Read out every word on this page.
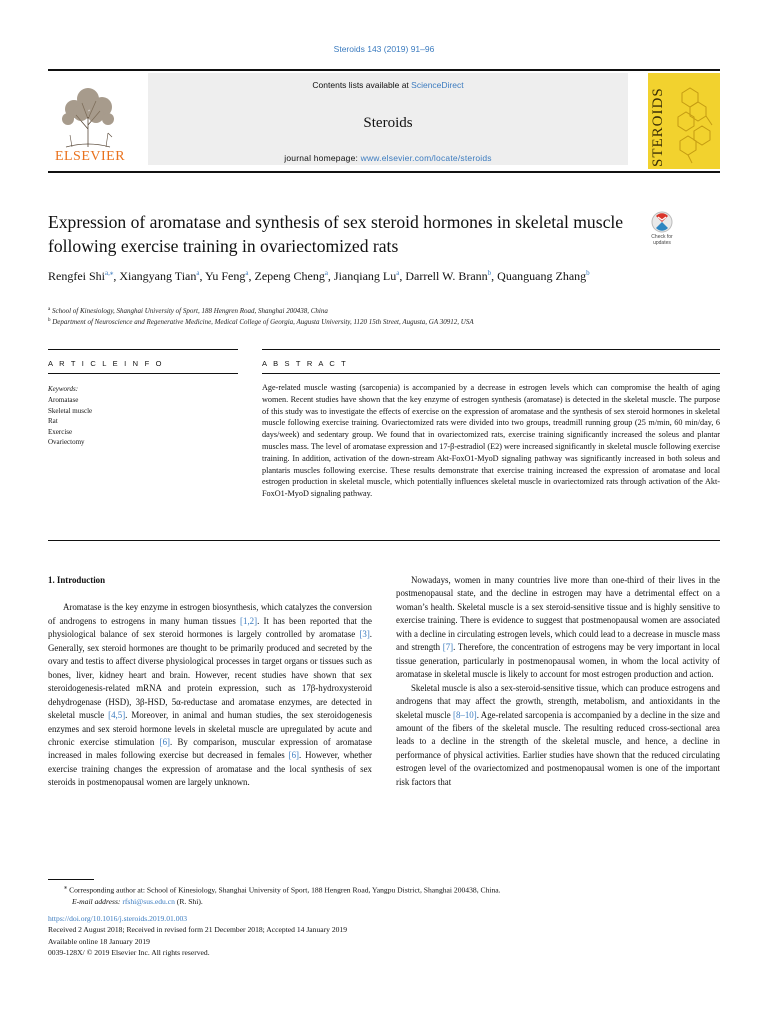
Steroids 143 (2019) 91–96
ELSEVIER
Contents lists available at ScienceDirect
Steroids
journal homepage: www.elsevier.com/locate/steroids	STEROIDS
Expression of aromatase and synthesis of sex steroid hormones in skeletal muscle following exercise training in ovariectomized rats	Check for updates
Rengfei Shi$^{a,⁎}$, Xiangyang Tian$^a$, Yu Feng$^a$, Zepeng Cheng$^a$, Jianqiang Lu$^a$, Darrell W. Brann$^b$, Quanguang Zhang$^b$
$^a$ School of Kinesiology, Shanghai University of Sport, 188 Hengren Road, Shanghai 200438, China
$^b$ Department of Neuroscience and Regenerative Medicine, Medical College of Georgia, Augusta University, 1120 15th Street, Augusta, GA 30912, USA
A R T I C L E I N F O	A B S T R A C T
Keywords:
Aromatase
Skeletal muscle
Rat
Exercise
Ovariectomy

Age-related muscle wasting (sarcopenia) is accompanied by a decrease in estrogen levels which can compromise the health of aging women. Recent studies have shown that the key enzyme of estrogen synthesis (aromatase) is detected in the skeletal muscle. The purpose of this study was to investigate the effects of exercise on the expression of aromatase and the synthesis of sex steroid hormones in skeletal muscle following exercise training. Ovariectomized rats were divided into two groups, treadmill running group (25 m/min, 60 min/day, 6 days/week) and sedentary group. We found that in ovariectomized rats, exercise training significantly increased the soleus and plantar muscles mass. The level of aromatase expression and 17-β-estradiol (E2) were increased significantly in skeletal muscle following exercise training. In addition, activation of the down-stream Akt-FoxO1-MyoD signaling pathway was significantly increased in both soleus and plantaris muscles following exercise. These results demonstrate that exercise training increased the expression of aromatase and local estrogen production in skeletal muscle, which potentially influences skeletal muscle in ovariectomized rats through activation of the Akt-FoxO1-MyoD signaling pathway.

1. Introduction

Aromatase is the key enzyme in estrogen biosynthesis, which catalyzes the conversion of androgens to estrogens in many human tissues [1,2]. It has been reported that the physiological balance of sex steroid hormones is largely controlled by aromatase [3]. Generally, sex steroid hormones are thought to be primarily produced and secreted by the ovary and testis to affect diverse physiological processes in target organs or tissues such as bones, liver, kidney heart and brain. However, recent studies have shown that sex steroidogenesis-related mRNA and protein expression, such as 17β-hydroxysteroid dehydrogenase (HSD), 3β-HSD, 5α-reductase and aromatase enzymes, are detected in skeletal muscle [4,5]. Moreover, in animal and human studies, the sex steroidogenesis enzymes and sex steroid hormone levels in skeletal muscle are upregulated by acute and chronic exercise stimulation [6]. By comparison, muscular expression of aromatase increased in males following exercise but decreased in females [6]. However, whether exercise training changes the expression of aromatase and the local synthesis of sex steroids in postmenopausal women are largely unknown.

Nowadays, women in many countries live more than one-third of their lives in the postmenopausal state, and the decline in estrogen may have a detrimental effect on a woman’s health. Skeletal muscle is a sex steroid-sensitive tissue and is highly sensitive to exercise training. There is evidence to suggest that postmenopausal women are associated with a decline in circulating estrogen levels, which could lead to a decrease in muscle mass and strength [7]. Therefore, the concentration of estrogens may be very important in local tissue generation, particularly in postmenopausal women, in whom the local activity of aromatase in skeletal muscle is likely to account for most estrogen production and action.

Skeletal muscle is also a sex-steroid-sensitive tissue, which can produce estrogens and androgens that may affect the growth, strength, metabolism, and antioxidants in the skeletal muscle [8–10]. Age-related sarcopenia is accompanied by a decline in the size and amount of the fibers of the skeletal muscle. The resulting reduced cross-sectional area leads to a decline in the strength of the skeletal muscle, and hence, a decline in performance of physical activities. Earlier studies have shown that the reduced circulating estrogen level of the ovariectomized and postmenopausal women is one of the important risk factors that

⁎ Corresponding author at: School of Kinesiology, Shanghai University of Sport, 188 Hengren Road, Yangpu District, Shanghai 200438, China.
E-mail address: rfshi@sus.edu.cn (R. Shi).
https://doi.org/10.1016/j.steroids.2019.01.003
Received 2 August 2018; Received in revised form 21 December 2018; Accepted 14 January 2019
Available online 18 January 2019
0039-128X/ © 2019 Elsevier Inc. All rights reserved.
